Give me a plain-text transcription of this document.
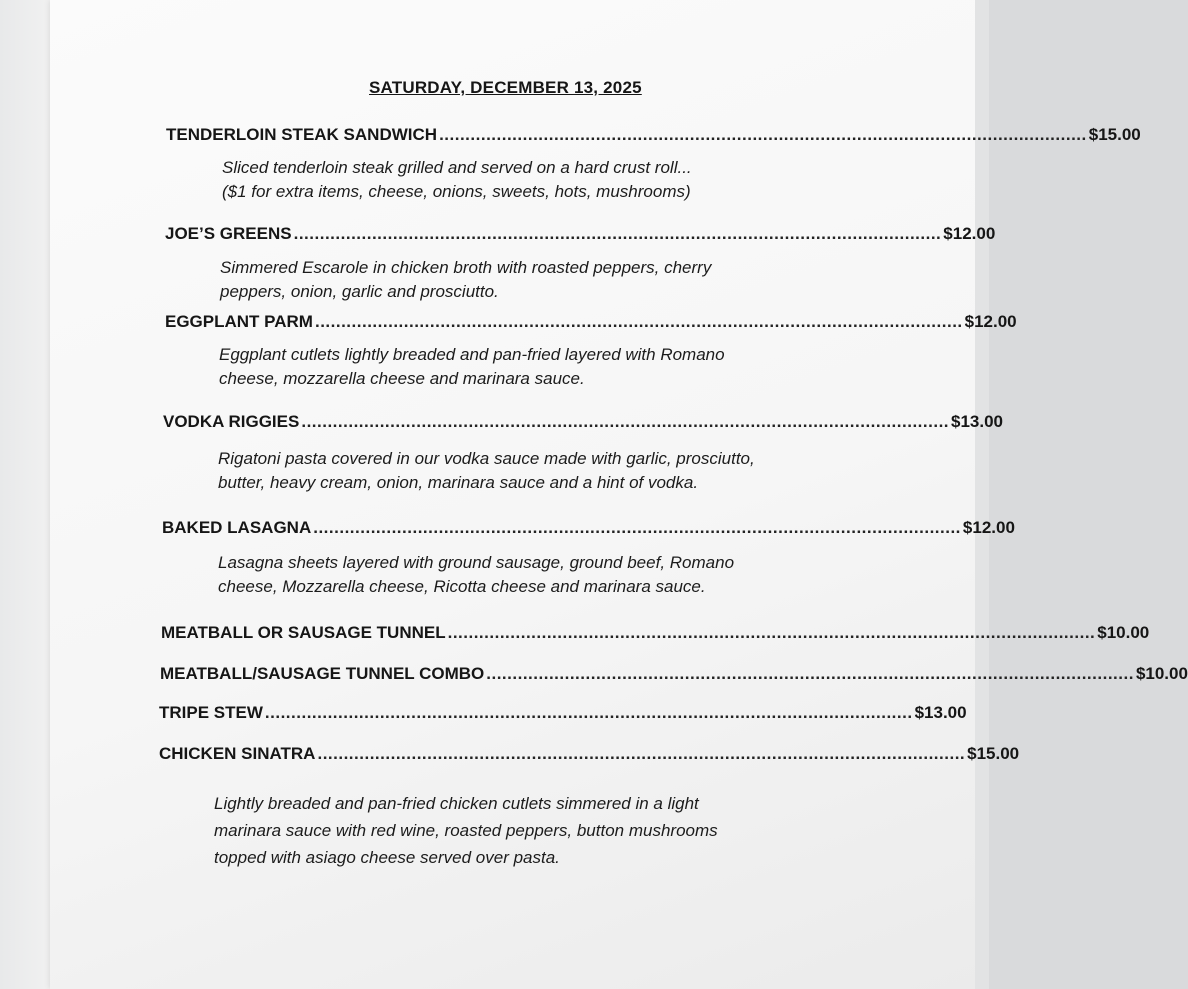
SATURDAY, DECEMBER 13, 2025
TENDERLOIN STEAK SANDWICH ............................................................................................................................ $15.00
Sliced tenderloin steak grilled and served on a hard crust roll...
($1 for extra items, cheese, onions, sweets, hots, mushrooms)
JOE’S GREENS ............................................................................................................................ $12.00
Simmered Escarole in chicken broth with roasted peppers, cherry
peppers, onion, garlic and prosciutto.
EGGPLANT PARM ............................................................................................................................ $12.00
Eggplant cutlets lightly breaded and pan-fried layered with Romano
cheese, mozzarella cheese and marinara sauce.
VODKA RIGGIES ............................................................................................................................ $13.00
Rigatoni pasta covered in our vodka sauce made with garlic, prosciutto,
butter, heavy cream, onion, marinara sauce and a hint of vodka.
BAKED LASAGNA ............................................................................................................................ $12.00
Lasagna sheets layered with ground sausage, ground beef, Romano
cheese, Mozzarella cheese, Ricotta cheese and marinara sauce.
MEATBALL OR SAUSAGE TUNNEL ............................................................................................................................ $10.00
MEATBALL/SAUSAGE TUNNEL COMBO ............................................................................................................................ $10.00
TRIPE STEW ............................................................................................................................ $13.00
CHICKEN SINATRA ............................................................................................................................ $15.00
Lightly breaded and pan-fried chicken cutlets simmered in a light
marinara sauce with red wine, roasted peppers, button mushrooms
topped with asiago cheese served over pasta.
